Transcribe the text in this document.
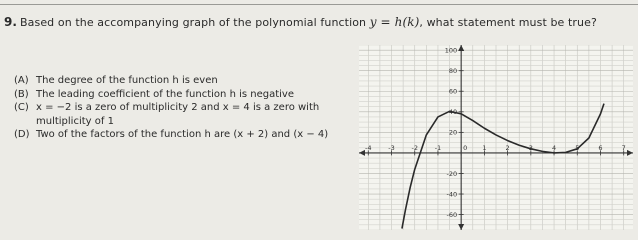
9. Based on the accompanying graph of the polynomial function y = h(k), what statement must be true?
(A) The degree of the function h is even
(B) The leading coefficient of the function h is negative
(C) x = −2 is a zero of multiplicity 2 and x = 4 is a zero with multiplicity of 1
(D) Two of the factors of the function h are (x + 2) and (x − 4)
-4	-3	-2	-1	0 1	2	3	4	5	6	7
100
80
60
40
20
-20
-40
-60
